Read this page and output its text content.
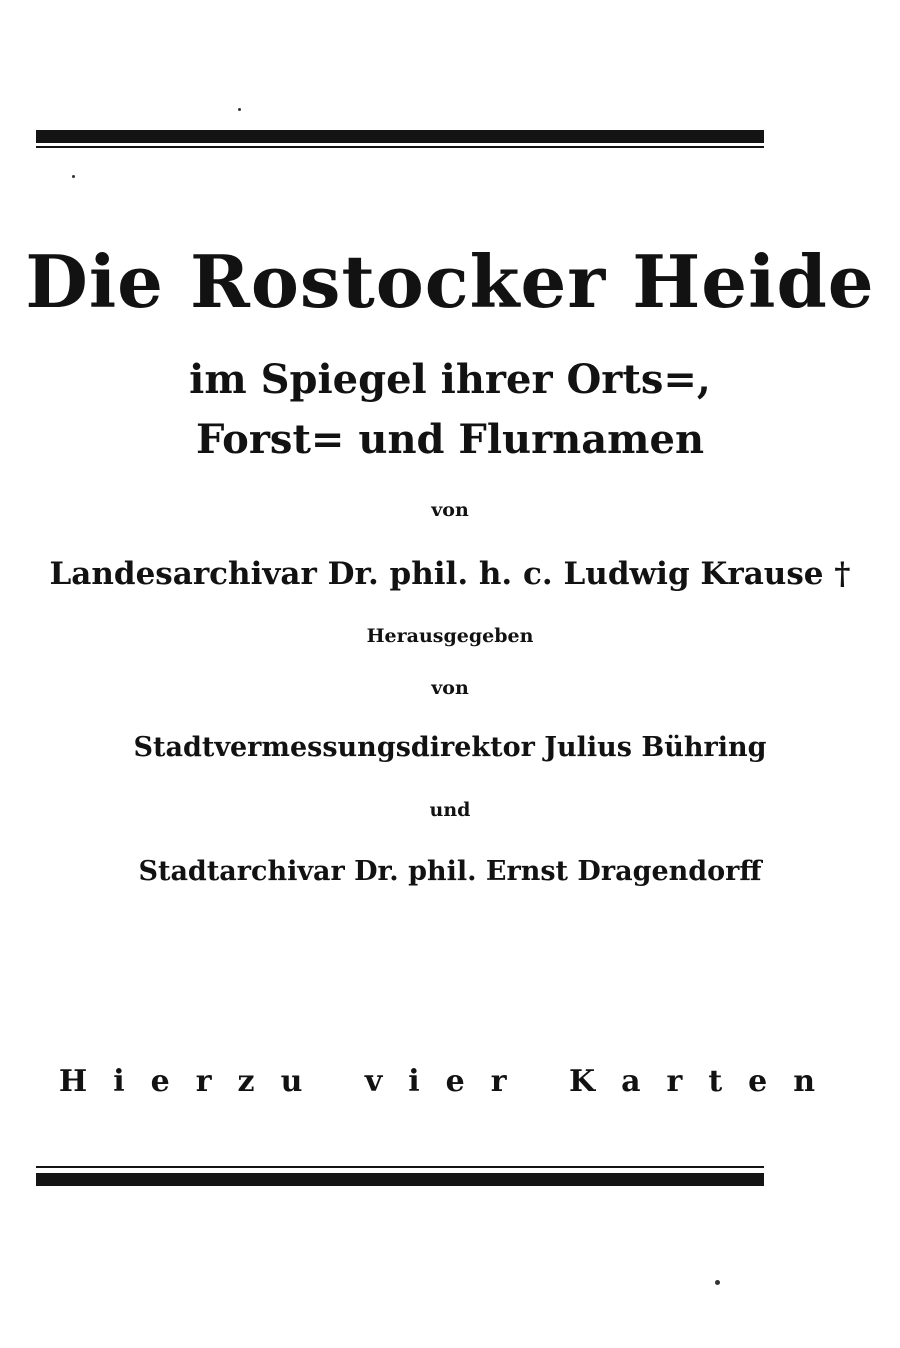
Die Rostocker Heide
im Spiegel ihrer Orts=,
Forst= und Flurnamen
von
Landesarchivar Dr. phil. h. c. Ludwig Krause †
Herausgegeben
von
Stadtvermessungsdirektor Julius Bühring
und
Stadtarchivar Dr. phil. Ernst Dragendorff
Hierzu vier Karten
